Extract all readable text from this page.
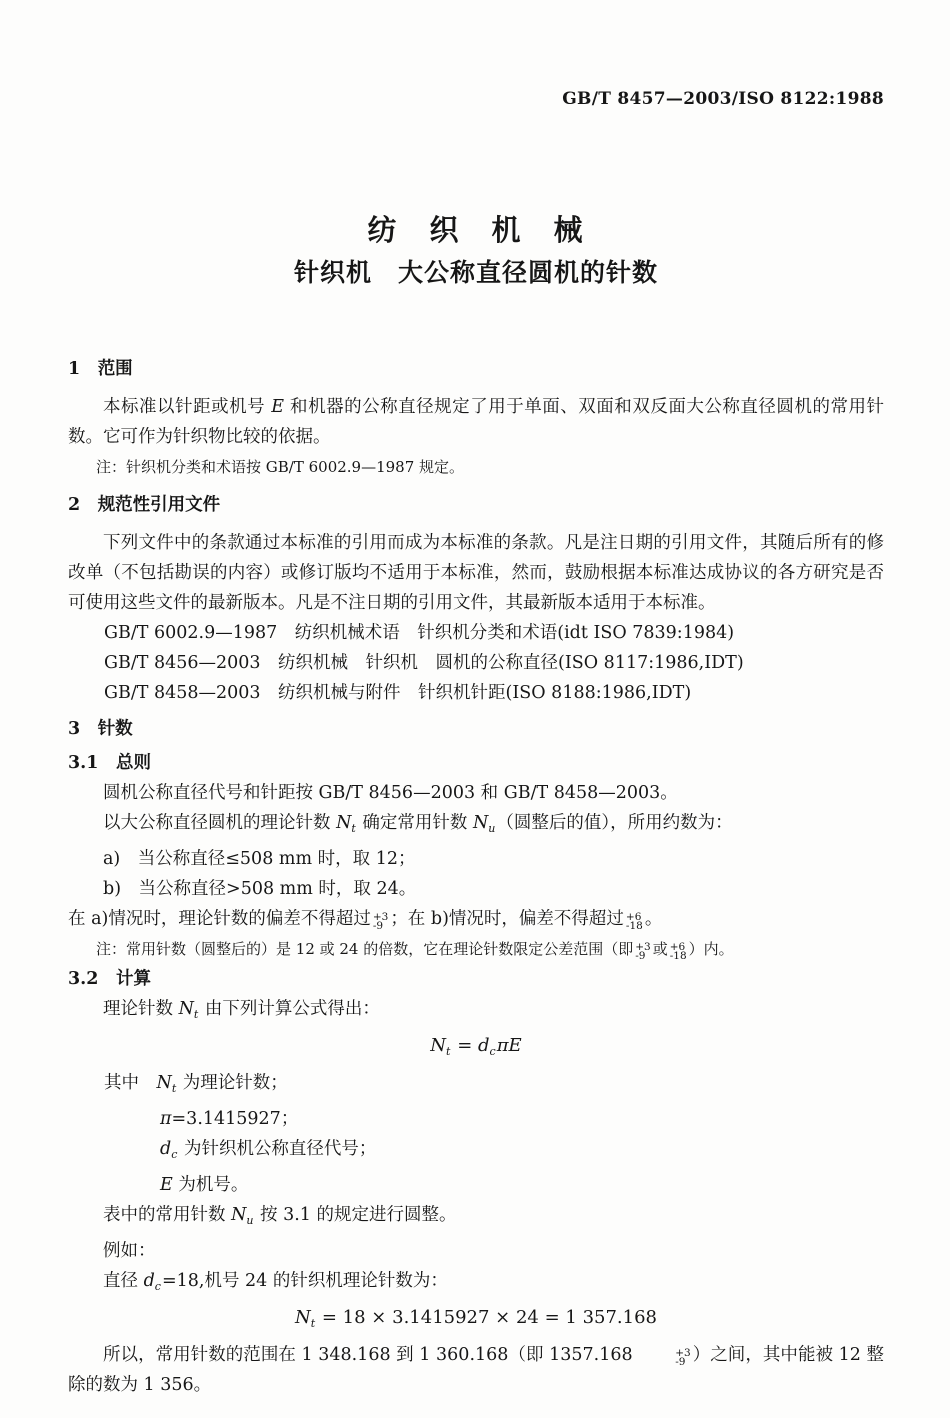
GB/T 8457—2003/ISO 8122:1988
纺　织　机　械
针织机　大公称直径圆机的针数
1 范围

本标准以针距或机号 E 和机器的公称直径规定了用于单面、双面和双反面大公称直径圆机的常用针数。它可作为针织物比较的依据。

注：针织机分类和术语按 GB/T 6002.9—1987 规定。

2 规范性引用文件

下列文件中的条款通过本标准的引用而成为本标准的条款。凡是注日期的引用文件，其随后所有的修改单（不包括勘误的内容）或修订版均不适用于本标准，然而，鼓励根据本标准达成协议的各方研究是否可使用这些文件的最新版本。凡是不注日期的引用文件，其最新版本适用于本标准。

GB/T 6002.9—1987　纺织机械术语　针织机分类和术语(idt ISO 7839:1984)

GB/T 8456—2003　纺织机械　针织机　圆机的公称直径(ISO 8117:1986,IDT)

GB/T 8458—2003　纺织机械与附件　针织机针距(ISO 8188:1986,IDT)

3 针数
3.1 总则

圆机公称直径代号和针距按 GB/T 8456—2003 和 GB/T 8458—2003。

以大公称直径圆机的理论针数 $N_t$ 确定常用针数 $N_u$（圆整后的值），所用约数为：

a)　当公称直径≤508 mm 时，取 12；

b)　当公称直径>508 mm 时，取 24。

在 a)情况时，理论针数的偏差不得超过 +3
-9 ；在 b)情况时，偏差不得超过 +6
-18 。

注：常用针数（圆整后的）是 12 或 24 的倍数，它在理论针数限定公差范围（即 +3
-9 或 +6
-18 ）内。

3.2 计算

理论针数 $N_t$ 由下列计算公式得出：

$N_t = d_c\pi E$

其中　$N_t$ 为理论针数；

π=3.1415927；

$d_c$ 为针织机公称直径代号；

E 为机号。

表中的常用针数 $N_u$ 按 3.1 的规定进行圆整。

例如：

直径 $d_c=18$,机号 24 的针织机理论针数为：

$N_t = 18 \times 3.1415927 \times 24 = 1$ 357.168

所以，常用针数的范围在 1 348.168 到 1 360.168（即 1357.168	+3
-9 ）之间，其中能被 12 整除的数为 1 356。
